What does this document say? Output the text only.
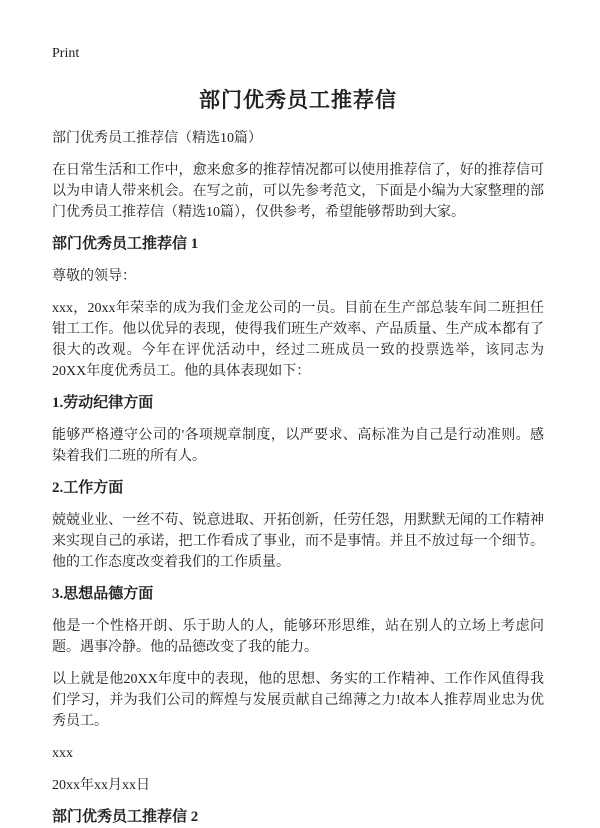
Print
部门优秀员工推荐信

部门优秀员工推荐信（精选10篇）

在日常生活和工作中，愈来愈多的推荐情况都可以使用推荐信了，好的推荐信可以为申请人带来机会。在写之前，可以先参考范文，下面是小编为大家整理的部门优秀员工推荐信（精选10篇），仅供参考，希望能够帮助到大家。

部门优秀员工推荐信 1

尊敬的领导：

xxx，20xx年荣幸的成为我们金龙公司的一员。目前在生产部总装车间二班担任钳工工作。他以优异的表现，使得我们班生产效率、产品质量、生产成本都有了很大的改观。今年在评优活动中，经过二班成员一致的投票选举，该同志为20XX年度优秀员工。他的具体表现如下：

1.劳动纪律方面

能够严格遵守公司的'各项规章制度，以严要求、高标准为自己是行动准则。感染着我们二班的所有人。

2.工作方面

兢兢业业、一丝不苟、锐意进取、开拓创新，任劳任怨，用默默无闻的工作精神来实现自己的承诺，把工作看成了事业，而不是事情。并且不放过每一个细节。他的工作态度改变着我们的工作质量。

3.思想品德方面

他是一个性格开朗、乐于助人的人，能够环形思维，站在别人的立场上考虑问题。遇事冷静。他的品德改变了我的能力。

以上就是他20XX年度中的表现，他的思想、务实的工作精神、工作作风值得我们学习，并为我们公司的辉煌与发展贡献自己绵薄之力!故本人推荐周业忠为优秀员工。

xxx

20xx年xx月xx日

部门优秀员工推荐信 2
